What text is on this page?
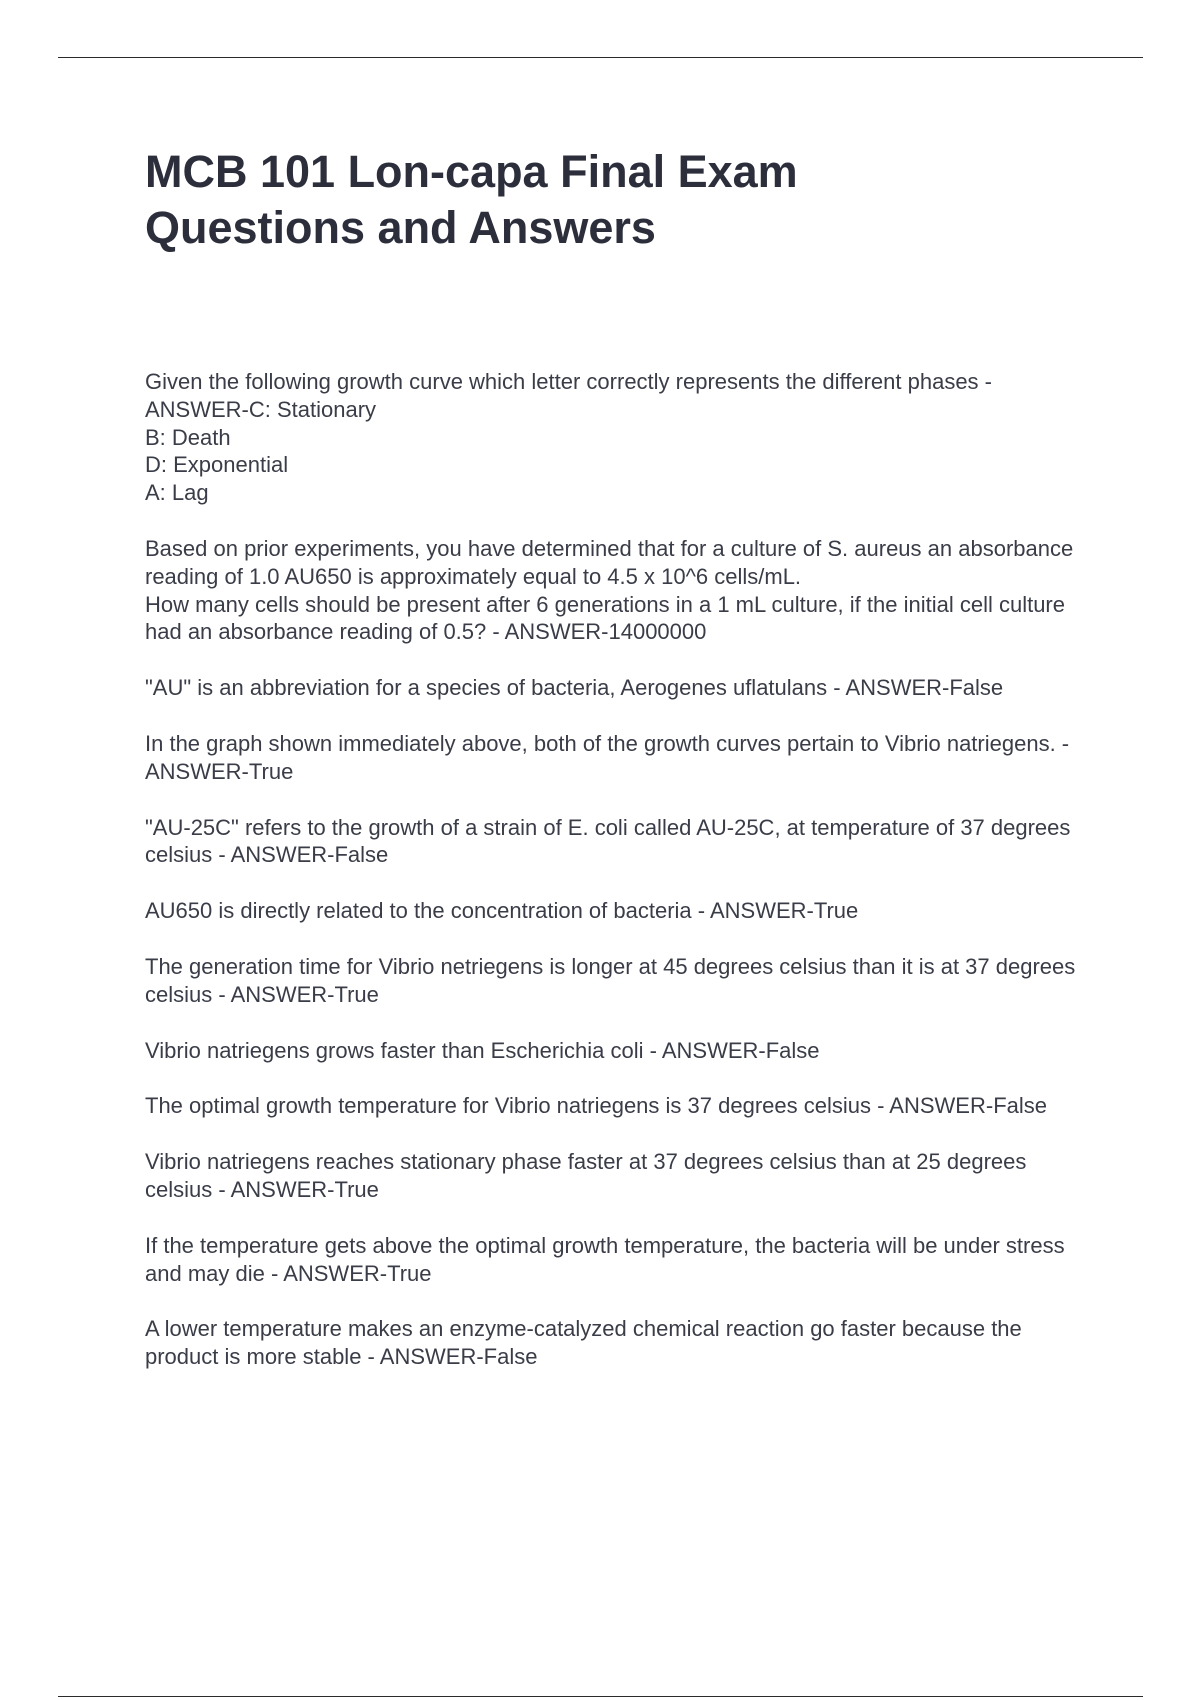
MCB 101 Lon-capa Final Exam
Questions and Answers
Given the following growth curve which letter correctly represents the different phases - ANSWER-C: Stationary
B: Death
D: Exponential
A: Lag
Based on prior experiments, you have determined that for a culture of S. aureus an absorbance reading of 1.0 AU650 is approximately equal to 4.5 x 10^6 cells/mL.
How many cells should be present after 6 generations in a 1 mL culture, if the initial cell culture had an absorbance reading of 0.5? - ANSWER-14000000
"AU" is an abbreviation for a species of bacteria, Aerogenes uflatulans - ANSWER-False
In the graph shown immediately above, both of the growth curves pertain to Vibrio natriegens. - ANSWER-True
"AU-25C" refers to the growth of a strain of E. coli called AU-25C, at temperature of 37 degrees celsius - ANSWER-False
AU650 is directly related to the concentration of bacteria - ANSWER-True
The generation time for Vibrio netriegens is longer at 45 degrees celsius than it is at 37 degrees celsius - ANSWER-True
Vibrio natriegens grows faster than Escherichia coli - ANSWER-False
The optimal growth temperature for Vibrio natriegens is 37 degrees celsius - ANSWER-False
Vibrio natriegens reaches stationary phase faster at 37 degrees celsius than at 25 degrees celsius - ANSWER-True
If the temperature gets above the optimal growth temperature, the bacteria will be under stress and may die - ANSWER-True
A lower temperature makes an enzyme-catalyzed chemical reaction go faster because the product is more stable - ANSWER-False
